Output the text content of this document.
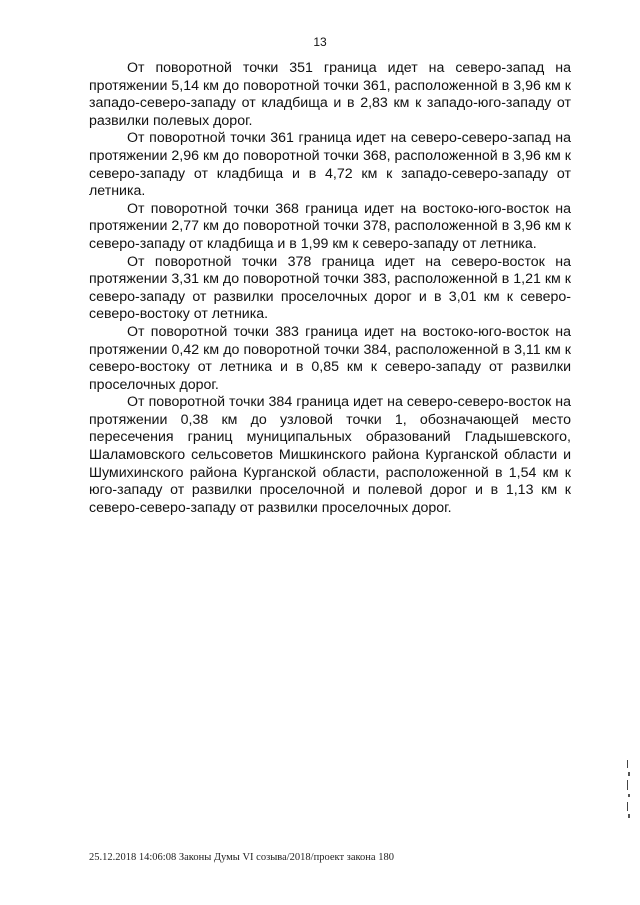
13

От поворотной точки 351 граница идет на северо-запад на протяжении 5,14 км до поворотной точки 361, расположенной в 3,96 км к западо-северо-западу от кладбища и в 2,83 км к западо-юго-западу от развилки полевых дорог.

От поворотной точки 361 граница идет на северо-северо-запад на протяжении 2,96 км до поворотной точки 368, расположенной в 3,96 км к северо-западу от кладбища и в 4,72 км к западо-северо-западу от летника.

От поворотной точки 368 граница идет на востоко-юго-восток на протяжении 2,77 км до поворотной точки 378, расположенной в 3,96 км к северо-западу от кладбища и в 1,99 км к северо-западу от летника.

От поворотной точки 378 граница идет на северо-восток на протяжении 3,31 км до поворотной точки 383, расположенной в 1,21 км к северо-западу от развилки проселочных дорог и в 3,01 км к северо-северо-востоку от летника.

От поворотной точки 383 граница идет на востоко-юго-восток на протяжении 0,42 км до поворотной точки 384, расположенной в 3,11 км к северо-востоку от летника и в 0,85 км к северо-западу от развилки проселочных дорог.

От поворотной точки 384 граница идет на северо-северо-восток на протяжении 0,38 км до узловой точки 1, обозначающей место пересечения границ муниципальных образований Гладышевского, Шаламовского сельсоветов Мишкинского района Курганской области и Шумихинского района Курганской области, расположенной в 1,54 км к юго-западу от развилки проселочной и полевой дорог и в 1,13 км к северо-северо-западу от развилки проселочных дорог.

25.12.2018 14:06:08 Законы Думы VI созыва/2018/проект закона 180
